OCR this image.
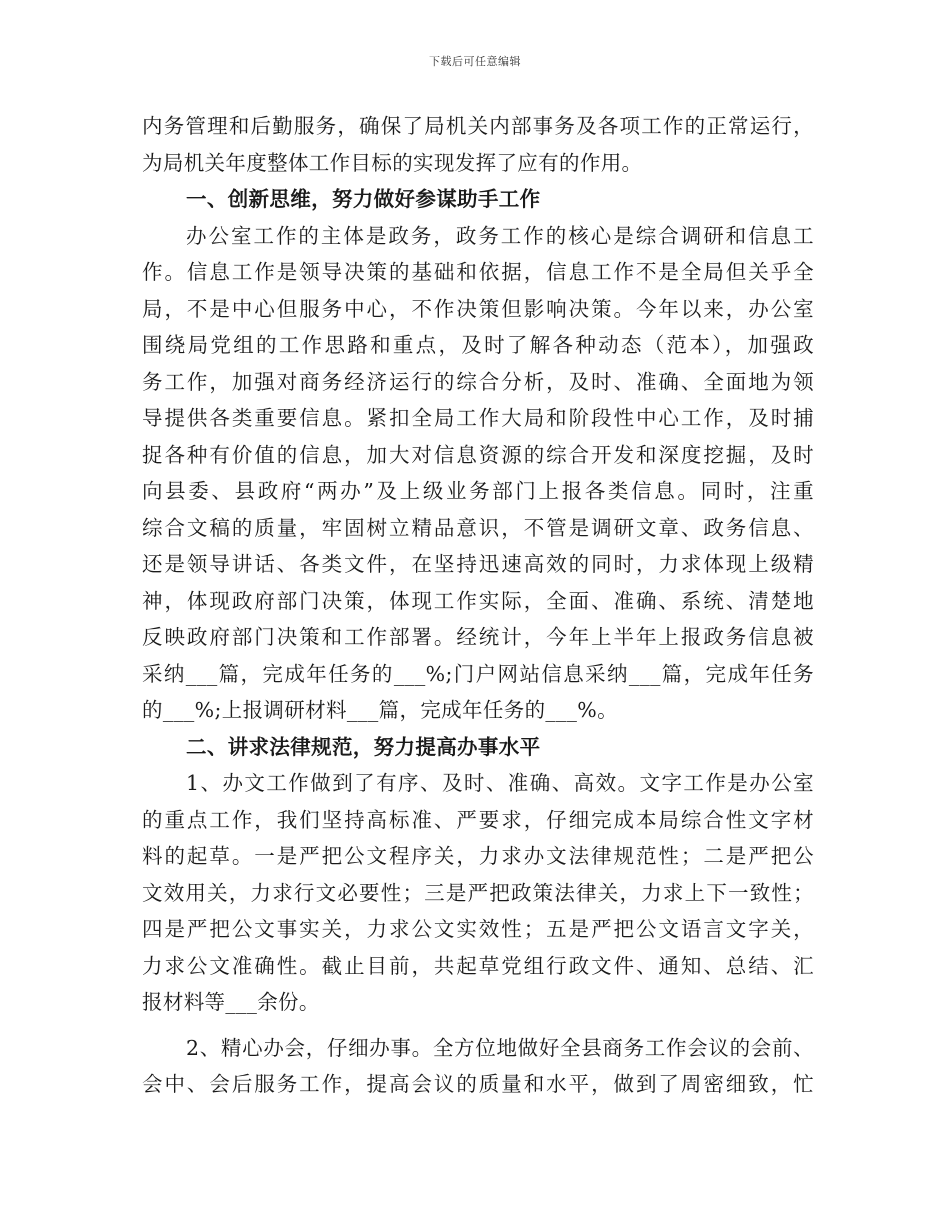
下载后可任意编辑
内务管理和后勤服务，确保了局机关内部事务及各项工作的正常运行，
为局机关年度整体工作目标的实现发挥了应有的作用。
一、创新思维，努力做好参谋助手工作
办公室工作的主体是政务，政务工作的核心是综合调研和信息工
作。信息工作是领导决策的基础和依据，信息工作不是全局但关乎全
局，不是中心但服务中心，不作决策但影响决策。今年以来，办公室
围绕局党组的工作思路和重点，及时了解各种动态（范本），加强政
务工作，加强对商务经济运行的综合分析，及时、准确、全面地为领
导提供各类重要信息。紧扣全局工作大局和阶段性中心工作，及时捕
捉各种有价值的信息，加大对信息资源的综合开发和深度挖掘，及时
向县委、县政府“两办”及上级业务部门上报各类信息。同时，注重
综合文稿的质量，牢固树立精品意识，不管是调研文章、政务信息、
还是领导讲话、各类文件，在坚持迅速高效的同时，力求体现上级精
神，体现政府部门决策，体现工作实际，全面、准确、系统、清楚地
反映政府部门决策和工作部署。经统计，今年上半年上报政务信息被
采纳___篇，完成年任务的___%;门户网站信息采纳___篇，完成年任务
的___%;上报调研材料___篇，完成年任务的___%。
二、讲求法律规范，努力提高办事水平
1、办文工作做到了有序、及时、准确、高效。文字工作是办公室
的重点工作，我们坚持高标准、严要求，仔细完成本局综合性文字材
料的起草。一是严把公文程序关，力求办文法律规范性；二是严把公
文效用关，力求行文必要性；三是严把政策法律关，力求上下一致性；
四是严把公文事实关，力求公文实效性；五是严把公文语言文字关，
力求公文准确性。截止目前，共起草党组行政文件、通知、总结、汇
报材料等___余份。
2、精心办会，仔细办事。全方位地做好全县商务工作会议的会前、
会中、会后服务工作，提高会议的质量和水平，做到了周密细致，忙
